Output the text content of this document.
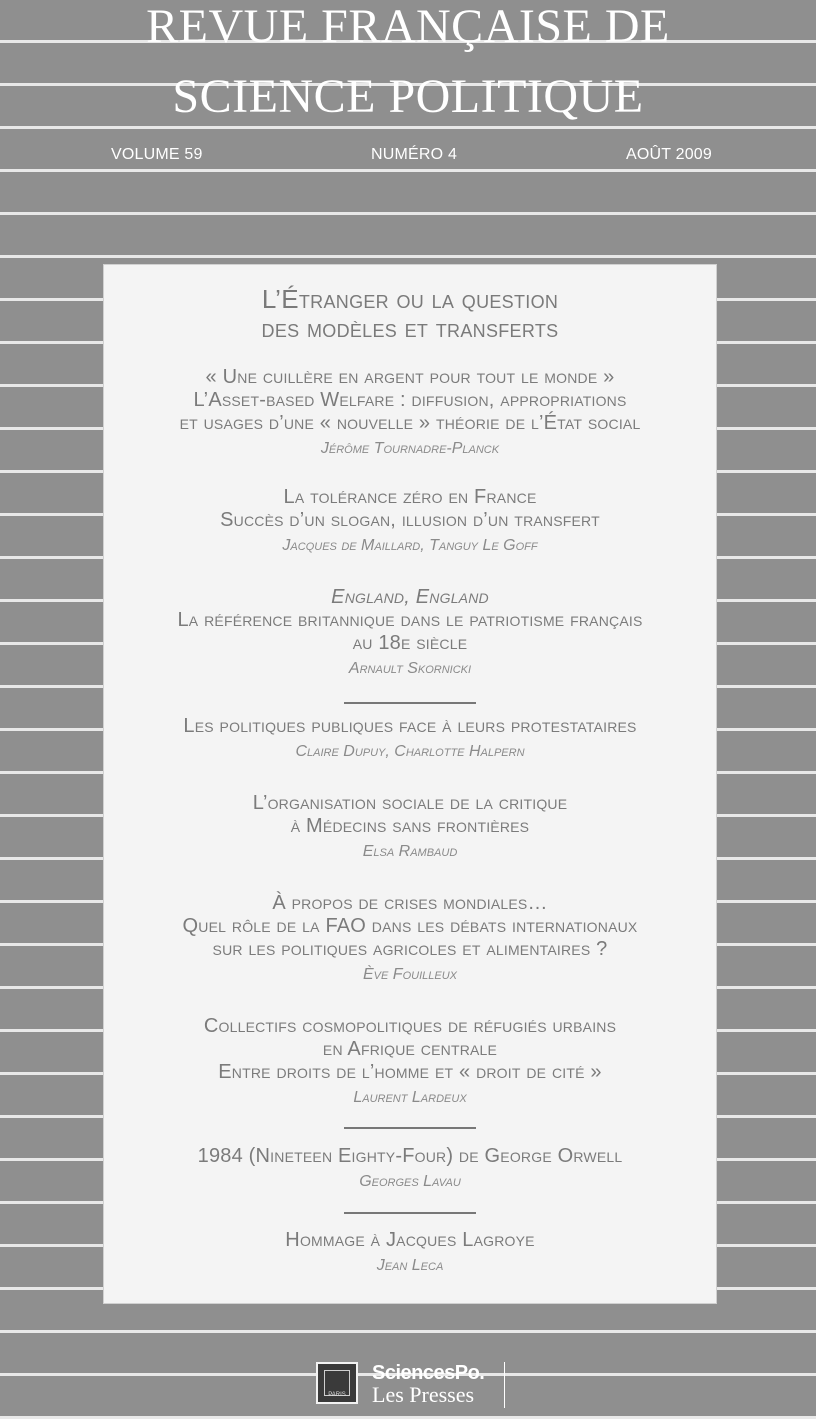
REVUE FRANÇAISE DE
SCIENCE POLITIQUE
VOLUME 59	NUMÉRO 4	AOÛT 2009
L’Étranger ou la question
des modèles et transferts
« Une cuillère en argent pour tout le monde »
L’Asset-based Welfare : diffusion, appropriations
et usages d’une « nouvelle » théorie de l’État social
Jérôme Tournadre-Planck
La tolérance zéro en France
Succès d’un slogan, illusion d’un transfert
Jacques de Maillard, Tanguy Le Goff
England, England
La référence britannique dans le patriotisme français
au 18e siècle
Arnault Skornicki
Les politiques publiques face à leurs protestataires
Claire Dupuy, Charlotte Halpern
L’organisation sociale de la critique
à Médecins sans frontières
Elsa Rambaud
À propos de crises mondiales…
Quel rôle de la FAO dans les débats internationaux
sur les politiques agricoles et alimentaires ?
Ève Fouilleux
Collectifs cosmopolitiques de réfugiés urbains
en Afrique centrale
Entre droits de l’homme et « droit de cité »
Laurent Lardeux
1984 (Nineteen Eighty-Four) de George Orwell
Georges Lavau
Hommage à Jacques Lagroye
Jean Leca
PARIS
SciencesPo.
Les Presses
